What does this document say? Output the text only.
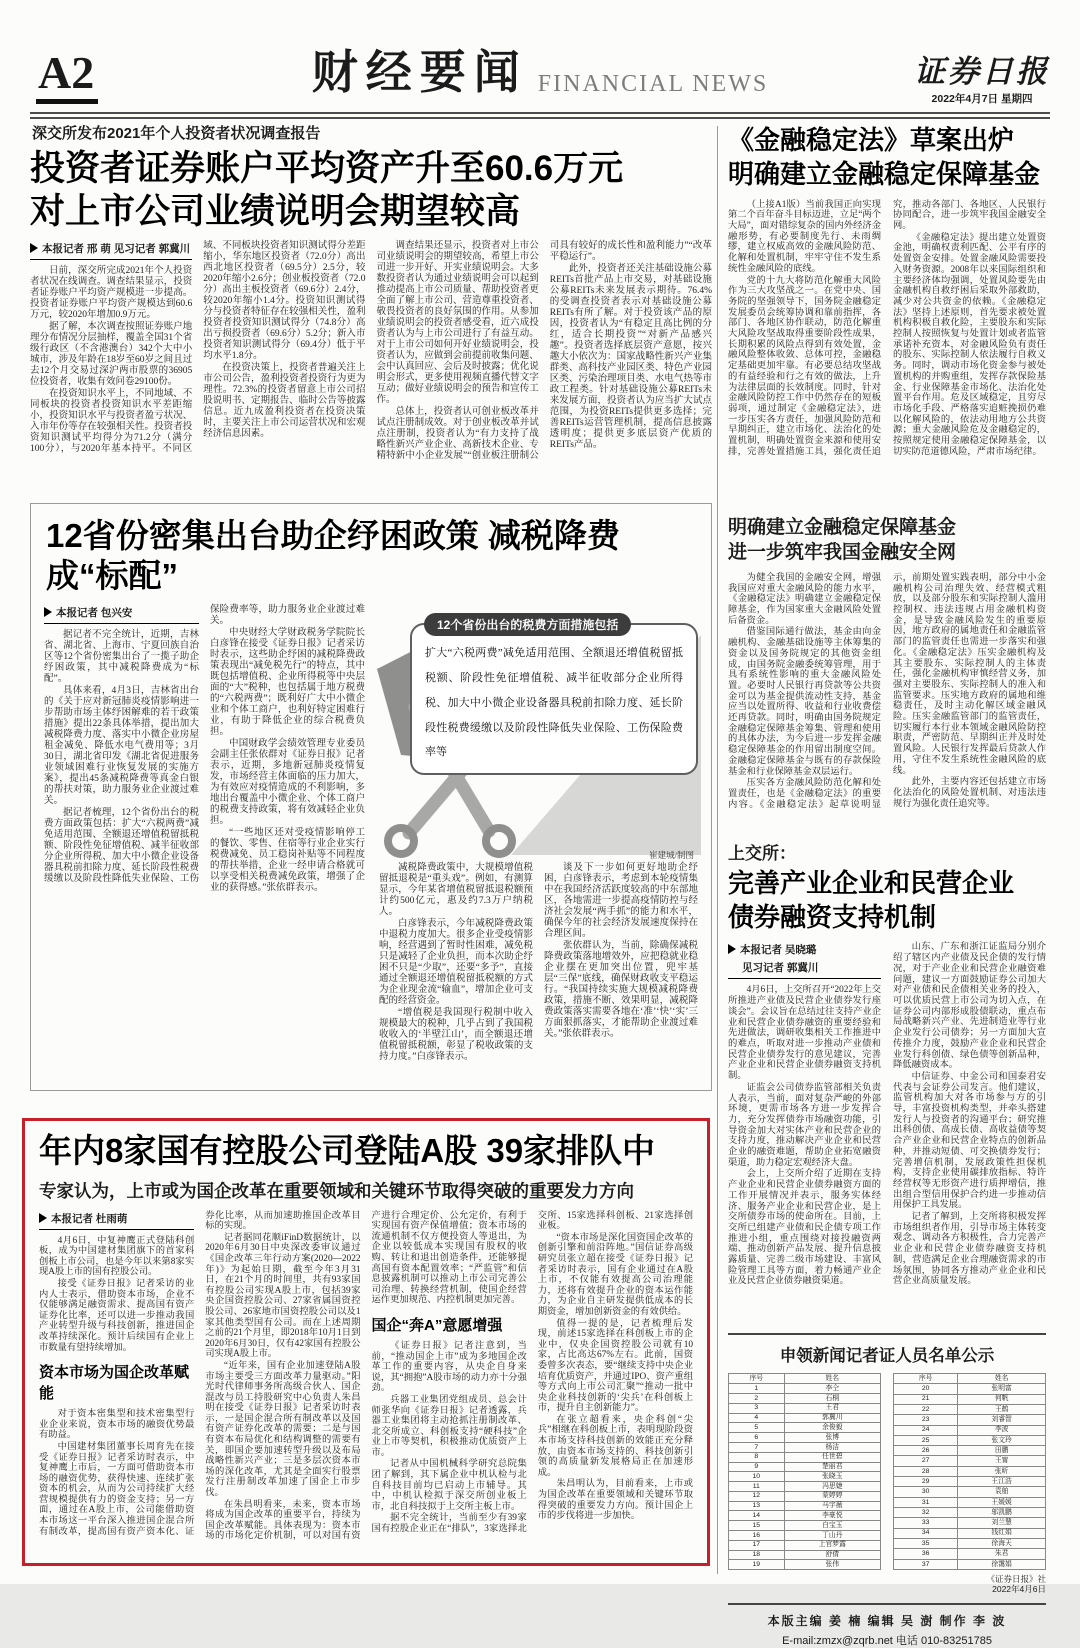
A2	财经要闻 FINANCIAL NEWS	证券日报
2022年4月7日 星期四
深交所发布2021年个人投资者状况调查报告
投资者证券账户平均资产升至60.6万元
对上市公司业绩说明会期望较高
本报记者 邢 萌 见习记者 郭冀川

日前，深交所完成2021年个人投资者状况在线调查。调查结果显示，投资者证券账户平均资产规模进一步提高。投资者证券账户平均资产规模达到60.6万元，较2020年增加0.9万元。

据了解，本次调查按照证券账户地理分布情况分层抽样，覆盖全国31个省级行政区（不含港澳台）342个大中小城市，涉及年龄在18岁至60岁之间且过去12个月交易过深沪两市股票的36905位投资者，收集有效问卷29100份。

在投资知识水平上，不同地域、不同板块的投资者投资知识水平差距缩小，投资知识水平与投资者盈亏状况、入市年份等存在较强相关性。投资者投资知识测试平均得分为71.2分（满分100分），与2020年基本持平。不同区域、不同板块投资者知识测试得分差距缩小，华东地区投资者（72.0分）高出西北地区投资者（69.5分）2.5分，较2020年缩小2.6分；创业板投资者（72.0分）高出主板投资者（69.6分）2.4分，较2020年缩小1.4分。投资知识测试得分与投资者特征存在较强相关性，盈利投资者投资知识测试得分（74.8分）高出亏损投资者（69.6分）5.2分；新入市投资者知识测试得分（69.4分）低于平均水平1.8分。

在投资决策上，投资者普遍关注上市公司公告，盈利投资者投资行为更为理性。72.3%的投资者留意上市公司招股说明书、定期报告、临时公告等披露信息。近九成盈利投资者在投资决策时，主要关注上市公司运营状况和宏观经济信息因素。

调查结果还显示，投资者对上市公司业绩说明会的期望较高，希望上市公司进一步开好、开实业绩说明会。大多数投资者认为通过业绩说明会可以起到推动提高上市公司质量、帮助投资者更全面了解上市公司、营造尊重投资者、敬畏投资者的良好氛围的作用。从参加业绩说明会的投资者感受看，近六成投资者认为与上市公司进行了有益互动。对于上市公司如何开好业绩说明会，投资者认为，应做到会前提前收集问题、会中认真回应、会后及时披露；优化说明会形式，更多使用视频直播代替文字互动；做好业绩说明会的预告和宣传工作。

总体上，投资者认可创业板改革并试点注册制成效。对于创业板改革并试点注册制，投资者认为“有力支持了战略性新兴产业企业、高新技术企业、专精特新中小企业发展”“创业板注册制公司具有较好的成长性和盈利能力”“改革平稳运行”。

此外，投资者还关注基础设施公募REITs首批产品上市交易，对基础设施公募REITs未来发展表示期待。76.4%的受调查投资者表示对基础设施公募REITs有所了解。对于投资该产品的原因，投资者认为“有稳定且高比例的分红，适合长期投资”“对新产品感兴趣”。投资者选择底层资产意愿，按兴趣大小依次为：国家战略性新兴产业集群类、高科技产业园区类、特色产业园区类、污染治理项目类、水电气热等市政工程类。针对基础设施公募REITs未来发展方面，投资者认为应当扩大试点范围，为投资REITs提供更多选择；完善REITs运营管理机制，提高信息披露透明度；提供更多底层资产优质的REITs产品。

12省份密集出台助企纾困政策 减税降费成“标配”
本报记者 包兴安

据记者不完全统计，近期，吉林省、湖北省、上海市、宁夏回族自治区等12个省份密集出台了一揽子助企纾困政策，其中减税降费成为“标配”。

具体来看，4月3日，吉林省出台的《关于应对新冠肺炎疫情影响进一步帮助市场主体纾困解难的若干政策措施》提出22条具体举措，提出加大减税降费力度、落实中小微企业房屋租金减免、降低水电气费用等；3月30日，湖北省印发《湖北省促进服务业领域困难行业恢复发展的实施方案》，提出45条减税降费等真金白银的帮扶对策，助力服务业企业渡过难关。

据记者梳理，12个省份出台的税费方面政策包括：扩大“六税两费”减免适用范围、全额退还增值税留抵税额、阶段性免征增值税、减半征收部分企业所得税、加大中小微企业设备器具税前扣除力度、延长阶段性税费缓缴以及阶段性降低失业保险、工伤保险费率等，助力服务业企业渡过难关。

中央财经大学财政税务学院院长白彦锋在接受《证券日报》记者采访时表示，这些助企纾困的减税降费政策表现出“减免税先行”的特点，其中既包括增值税、企业所得税等中央层面的“大”税种，也包括属于地方税费的“六税两费”；既利好广大中小微企业和个体工商户，也利好特定困难行业，有助于降低企业的综合税费负担。

中国财政学会绩效管理专业委员会副主任张依群对《证券日报》记者表示，近期，多地新冠肺炎疫情复发，市场经营主体面临的压力加大，为有效应对疫情造成的不利影响，多地出台覆盖中小微企业、个体工商户的税费支持政策，将有效减轻企业负担。

“一些地区还对受疫情影响停工的餐饮、零售、住宿等行业企业实行税费减免、员工稳岗补贴等不同程度的帮扶举措，企业一经申请合格就可以享受相关税费减免政策，增强了企业的获得感。”张依群表示。

12个省份出台的税费方面措施包括
扩大“六税两费”减免适用范围、全额退还增值税留抵税额、阶段性免征增值税、减半征收部分企业所得税、加大中小微企业设备器具税前扣除力度、延长阶段性税费缓缴以及阶段性降低失业保险、工伤保险费率等
崔建城/制图

减税降费政策中，大规模增值税留抵退税是“重头戏”。例如，有测算显示，今年某省增值税留抵退税额预计约500亿元，惠及约7.3万户纳税人。

白彦锋表示，今年减税降费政策中退税力度加大。很多企业受疫情影响，经营遇到了暂时性困难，减免税只是减轻了企业负担，而本次助企纾困不只是“少取”，还要“多予”，直接通过全额退还增值税留抵税额的方式为企业现金流“输血”，增加企业可支配的经营资金。

“增值税是我国现行税制中收入规模最大的税种，几乎占到了我国税收收入的‘半壁江山’，而全额退还增值税留抵税额，彰显了税收政策的支持力度。”白彦锋表示。

谈及下一步如何更好地助企纾困，白彦锋表示，考虑到本轮疫情集中在我国经济活跃度较高的中东部地区，各地需进一步提高疫情防控与经济社会发展“两手抓”的能力和水平，确保今年的社会经济发展速度保持在合理区间。

张依群认为，当前，除确保减税降费政策落地增效外，应把稳就业稳企业摆在更加突出位置，兜牢基层“三保”底线，确保财政收支平稳运行。“我国持续实施大规模减税降费政策，措施不断、效果明显，减税降费政策落实需要各地在‘准’‘快’‘实’三方面狠抓落实，才能帮助企业渡过难关。”张依群表示。

年内8家国有控股公司登陆A股 39家排队中
专家认为，上市或为国企改革在重要领域和关键环节取得突破的重要发力方向
本报记者 杜雨萌

4月6日，中复神鹰正式登陆科创板，成为中国建材集团旗下的首家科创板上市公司，也是今年以来第8家实现A股上市的国有控股公司。

接受《证券日报》记者采访的业内人士表示，借助资本市场，企业不仅能够满足融资需求、提高国有资产证券化比率，还可以进一步推动我国产业转型升级与科技创新，推进国企改革持续深化。预计后续国有企业上市数量有望持续增加。

资本市场为国企改革赋能

对于资本密集型和技术密集型行业企业来说，资本市场的融资优势最有助益。

中国建材集团董事长周育先在接受《证券日报》记者采访时表示，中复神鹰上市后，一方面可借助资本市场的融资优势，获得快速、连续扩张资本的机会，从而为公司持续扩大经营规模提供有力的资金支持；另一方面，通过在A股上市，公司能借助资本市场这一平台深入推进国企混合所有制改革，提高国有资产资本化、证券化比率，从而加速助推国企改革目标的实现。

记者据同花顺iFinD数据统计，以2020年6月30日中央深改委审议通过《国企改革三年行动方案(2020—2022年)》为起始日期，截至今年3月31日，在21个月的时间里，共有93家国有控股公司实现A股上市，包括39家央企国资控股公司、27家省属国资控股公司、26家地市国资控股公司以及1家其他类型国有公司。而在上述周期之前的21个月里，即2018年10月1日到2020年6月30日，仅有42家国有控股公司实现A股上市。

“近年来，国有企业加速登陆A股市场主要受三方面改革力量驱动。”阳光时代律师事务所高级合伙人、国企混改与员工持股研究中心负责人朱昌明在接受《证券日报》记者采访时表示，一是国企混合所有制改革以及国有资产证券化改革的需要；二是与国有资本布局优化和结构调整的需要有关，即国企要加速转型升级以及布局战略性新兴产业；三是多层次资本市场的深化改革，尤其是全面实行股票发行注册制改革加速了国企上市步伐。

在朱昌明看来，未来，资本市场将成为国企改革的重要平台，持续为国企改革赋能。具体表现为：资本市场的市场化定价机制，可以对国有资产进行合理定价、公允定价，有利于实现国有资产保值增值；资本市场的流通机制不仅方便投资人等退出，为企业以较低成本实现国有股权的收购、转让和退出创造条件，还能够提高国有资本配置效率；“严监管”和信息披露机制可以推动上市公司完善公司治理、转换经营机制，使国企经营运作更加规范、内控机制更加完善。

国企“奔A”意愿增强

《证券日报》记者注意到，当前，“推动国企上市”成为多地国企改革工作的重要内容，从央企自身来说，其“拥抱”A股市场的动力亦十分强劲。

兵器工业集团党组成员、总会计师张华向《证券日报》记者透露，兵器工业集团将主动抢抓注册制改革、北交所成立、科创板支持“硬科技”企业上市等契机，积极推动优质资产上市。

记者从中国机械科学研究总院集团了解到，其下属企业中机认检与北自科技目前均已启动上市辅导。其中，中机认检拟于深交所创业板上市，北自科技拟于上交所主板上市。

据不完全统计，当前至少有39家国有控股企业正在“排队”，3家选择北交所、15家选择科创板、21家选择创业板。

“资本市场是深化国资国企改革的创新引擎和前沿阵地。”国信证券高级研究员张立超在接受《证券日报》记者采访时表示，国有企业通过在A股上市，不仅能有效提高公司治理能力，还将有效提升企业的资本运作能力，为企业自主研发提供低成本的长期资金，增加创新资金的有效供给。

值得一提的是，记者梳理后发现，前述15家选择在科创板上市的企业中，仅央企国资控股公司就有10家，占比高达67%左右。此前，国资委曾多次表态，要“继续支持中央企业培育优质资产，并通过IPO、资产重组等方式向上市公司汇聚”“推动一批中央企业科技创新的‘尖兵’在科创板上市，提升自主创新能力”。

在张立超看来，央企科创“尖兵”相继在科创板上市，表明现阶段资本市场支持科技创新的效能正充分释放，由资本市场支持的、科技创新引领的高质量新发展格局正在加速形成。

朱昌明认为，目前看来，上市或为国企改革在重要领域和关键环节取得突破的重要发力方向。预计国企上市的步伐将进一步加快。

《金融稳定法》草案出炉
明确建立金融稳定保障基金

（上接A1版）当前我国正向实现第二个百年奋斗目标迈进，立足“两个大局”，面对错综复杂的国内外经济金融形势，有必要制度先行、未雨绸缪，建立权威高效的金融风险防范、化解和处置机制，牢牢守住不发生系统性金融风险的底线。

党的十九大将防范化解重大风险作为三大攻坚战之一。在党中央、国务院的坚强领导下，国务院金融稳定发展委员会统筹协调和靠前指挥，各部门、各地区协作联动，防范化解重大风险攻坚战取得重要阶段性成果，长期积累的风险点得到有效处置，金融风险整体收敛、总体可控，金融稳定基础更加牢靠。有必要总结攻坚战的有益经验和行之有效的做法，上升为法律层面的长效制度。同时，针对金融风险防控工作中仍然存在的短板弱项，通过制定《金融稳定法》，进一步压实各方责任，加强风险防范和早期纠正，建立市场化、法治化的处置机制，明确处置资金来源和使用安排，完善处置措施工具，强化责任追究，推动各部门、各地区、人民银行协同配合，进一步筑牢我国金融安全网。

《金融稳定法》提出建立处置资金池，明确权责利匹配、公平有序的处置资金安排。处置金融风险需要投入财务资源。2008年以来国际组织和主要经济体均强调，处置风险要先由金融机构自救纾困后采取外部救助，减少对公共资金的依赖。《金融稳定法》坚持上述原则，首先要求被处置机构积极自救化险，主要股东和实际控制人按照恢复与处置计划或者监管承诺补充资本，对金融风险负有责任的股东、实际控制人依法履行自救义务。同时，调动市场化资金参与被处置机构的并购重组，发挥存款保险基金、行业保障基金市场化、法治化处置平台作用。危及区域稳定，且穷尽市场化手段、严格落实追赃挽损仍难以化解风险的，依法动用地方公共资源；重大金融风险危及金融稳定的，按照规定使用金融稳定保障基金，以切实防范道德风险，严肃市场纪律。

明确建立金融稳定保障基金
进一步筑牢我国金融安全网

为健全我国的金融安全网，增强我国应对重大金融风险的能力水平，《金融稳定法》明确建立金融稳定保障基金，作为国家重大金融风险处置后备资金。

借鉴国际通行做法，基金由向金融机构、金融基础设施等主体筹集的资金以及国务院规定的其他资金组成，由国务院金融委统筹管理，用于具有系统性影响的重大金融风险处置。必要时人民银行再贷款等公共资金可以为基金提供流动性支持，基金应当以处置所得、收益和行业收费偿还再贷款。同时，明确由国务院规定金融稳定保障基金筹集、管理和使用的具体办法，为今后进一步发挥金融稳定保障基金的作用留出制度空间。金融稳定保障基金与既有的存款保险基金和行业保障基金双层运行。

压实各方金融风险防范化解和处置责任，也是《金融稳定法》的重要内容。《金融稳定法》起草说明显示，前期处置实践表明，部分中小金融机构公司治理失效、经营模式粗放，以及部分股东和实际控制人滥用控制权、违法违规占用金融机构资金，是导致金融风险发生的重要原因，地方政府的属地责任和金融监管部门的监管责任也需进一步落实和强化。《金融稳定法》压实金融机构及其主要股东、实际控制人的主体责任，强化金融机构审慎经营义务，加强对主要股东、实际控制人的准入和监管要求。压实地方政府的属地和维稳责任，及时主动化解区域金融风险。压实金融监管部门的监管责任，切实履行本行业本领域金融风险防控职责，严密防范、早期纠正并及时处置风险。人民银行发挥最后贷款人作用，守住不发生系统性金融风险的底线。

此外，主要内容还包括建立市场化法治化的风险处置机制、对违法违规行为强化责任追究等。

上交所：
完善产业企业和民营企业
债券融资支持机制
本报记者 吴晓璐
见习记者 郭冀川

4月6日，上交所召开“2022年上交所推进产业债及民营企业债券发行座谈会”。会议旨在总结过往支持产业企业和民营企业债券融资的重要经验和先进做法，调研收集相关工作推进中的难点，听取对进一步推动产业债和民营企业债券发行的意见建议，完善产业企业和民营企业债券融资支持机制。

证监会公司债券监管部相关负责人表示，当前，面对复杂严峻的外部环境，更需市场各方进一步发挥合力，充分发挥债券市场融资功能，引导资金加大对实体产业和民营企业的支持力度，推动解决产业企业和民营企业的融资难题，帮助企业拓宽融资渠道，助力稳定宏观经济大盘。

会上，上交所介绍了近期在支持产业企业和民营企业债券融资方面的工作开展情况并表示，服务实体经济、服务产业企业和民营企业，是上交所债券市场的使命所在。目前，上交所已组建产业债和民企债专项工作推进小组，重点围绕对接投融资两端、推动创新产品发展、提升信息披露质量、完善二级市场建设、丰富风险管理工具等方面，着力畅通产业企业及民营企业债券融资渠道。

山东、广东和浙江证监局分别介绍了辖区内产业债及民企债的发行情况，对于产业企业和民营企业融资难问题，建议一方面鼓励证券公司加大对产业债和民企债相关业务的投入，可以优质民营上市公司为切入点，在证券公司内部形成股债联动，重点布局战略新兴产业、先进制造业等行业企业发行公司债券；另一方面加大宣传推介力度，鼓励产业企业和民营企业发行科创债、绿色债等创新品种，降低融资成本。

中信证券、中金公司和国泰君安代表与会证券公司发言。他们建议，监管机构加大对各市场参与方的引导，丰富投资机构类型，并牵头搭建发行人与投资者的沟通平台；研究推出科创债、高成长债、高收益债等契合产业企业和民营企业特点的创新品种，并推动短债、可交换债券发行；完善增信机制，发展政策性担保机构，支持企业使用碳排放指标、特许经营权等无形资产进行质押增信，推出组合型信用保护合约进一步推动信用保护工具发展。

记者了解到，上交所将积极发挥市场组织者作用，引导市场主体转变观念、调动各方积极性，合力完善产业企业和民营企业债券融资支持机制，营造满足企业合理融资需求的市场氛围，协同各方推动产业企业和民营企业高质量发展。

申领新闻记者证人员名单公示
序号	姓名
1	李仝
2	石桐
3	王君
4	郭冀川
5	余俊毅
6	张博
7	杨洁
8	任世碧
9	楚丽君
10	张晓玉
11	冯思婕
12	蒙婷婷
13	马宇薇
14	李豪悦
15	白宝玉
16	丁山丹
17	上官梦露
18	舒倩
19	张伟
序号	姓名
20	张明富
21	何帆
22	王鹤
23	刘睿智
24	李波
25	张文玲
26	田鹏
27	王甯
28	张昕
29	王江浩
30	袁舶
31	王媛媛
32	邬凯鹏
33	刘兰慧
34	钱红娟
35	徐海天
36	朱君
37	徐霭娟
《证券日报》社
2022年4月6日
本版主编 姜 楠 编辑 吴 澍 制作 李 波
E-mail:zmzx@zqrb.net 电话 010-83251785
